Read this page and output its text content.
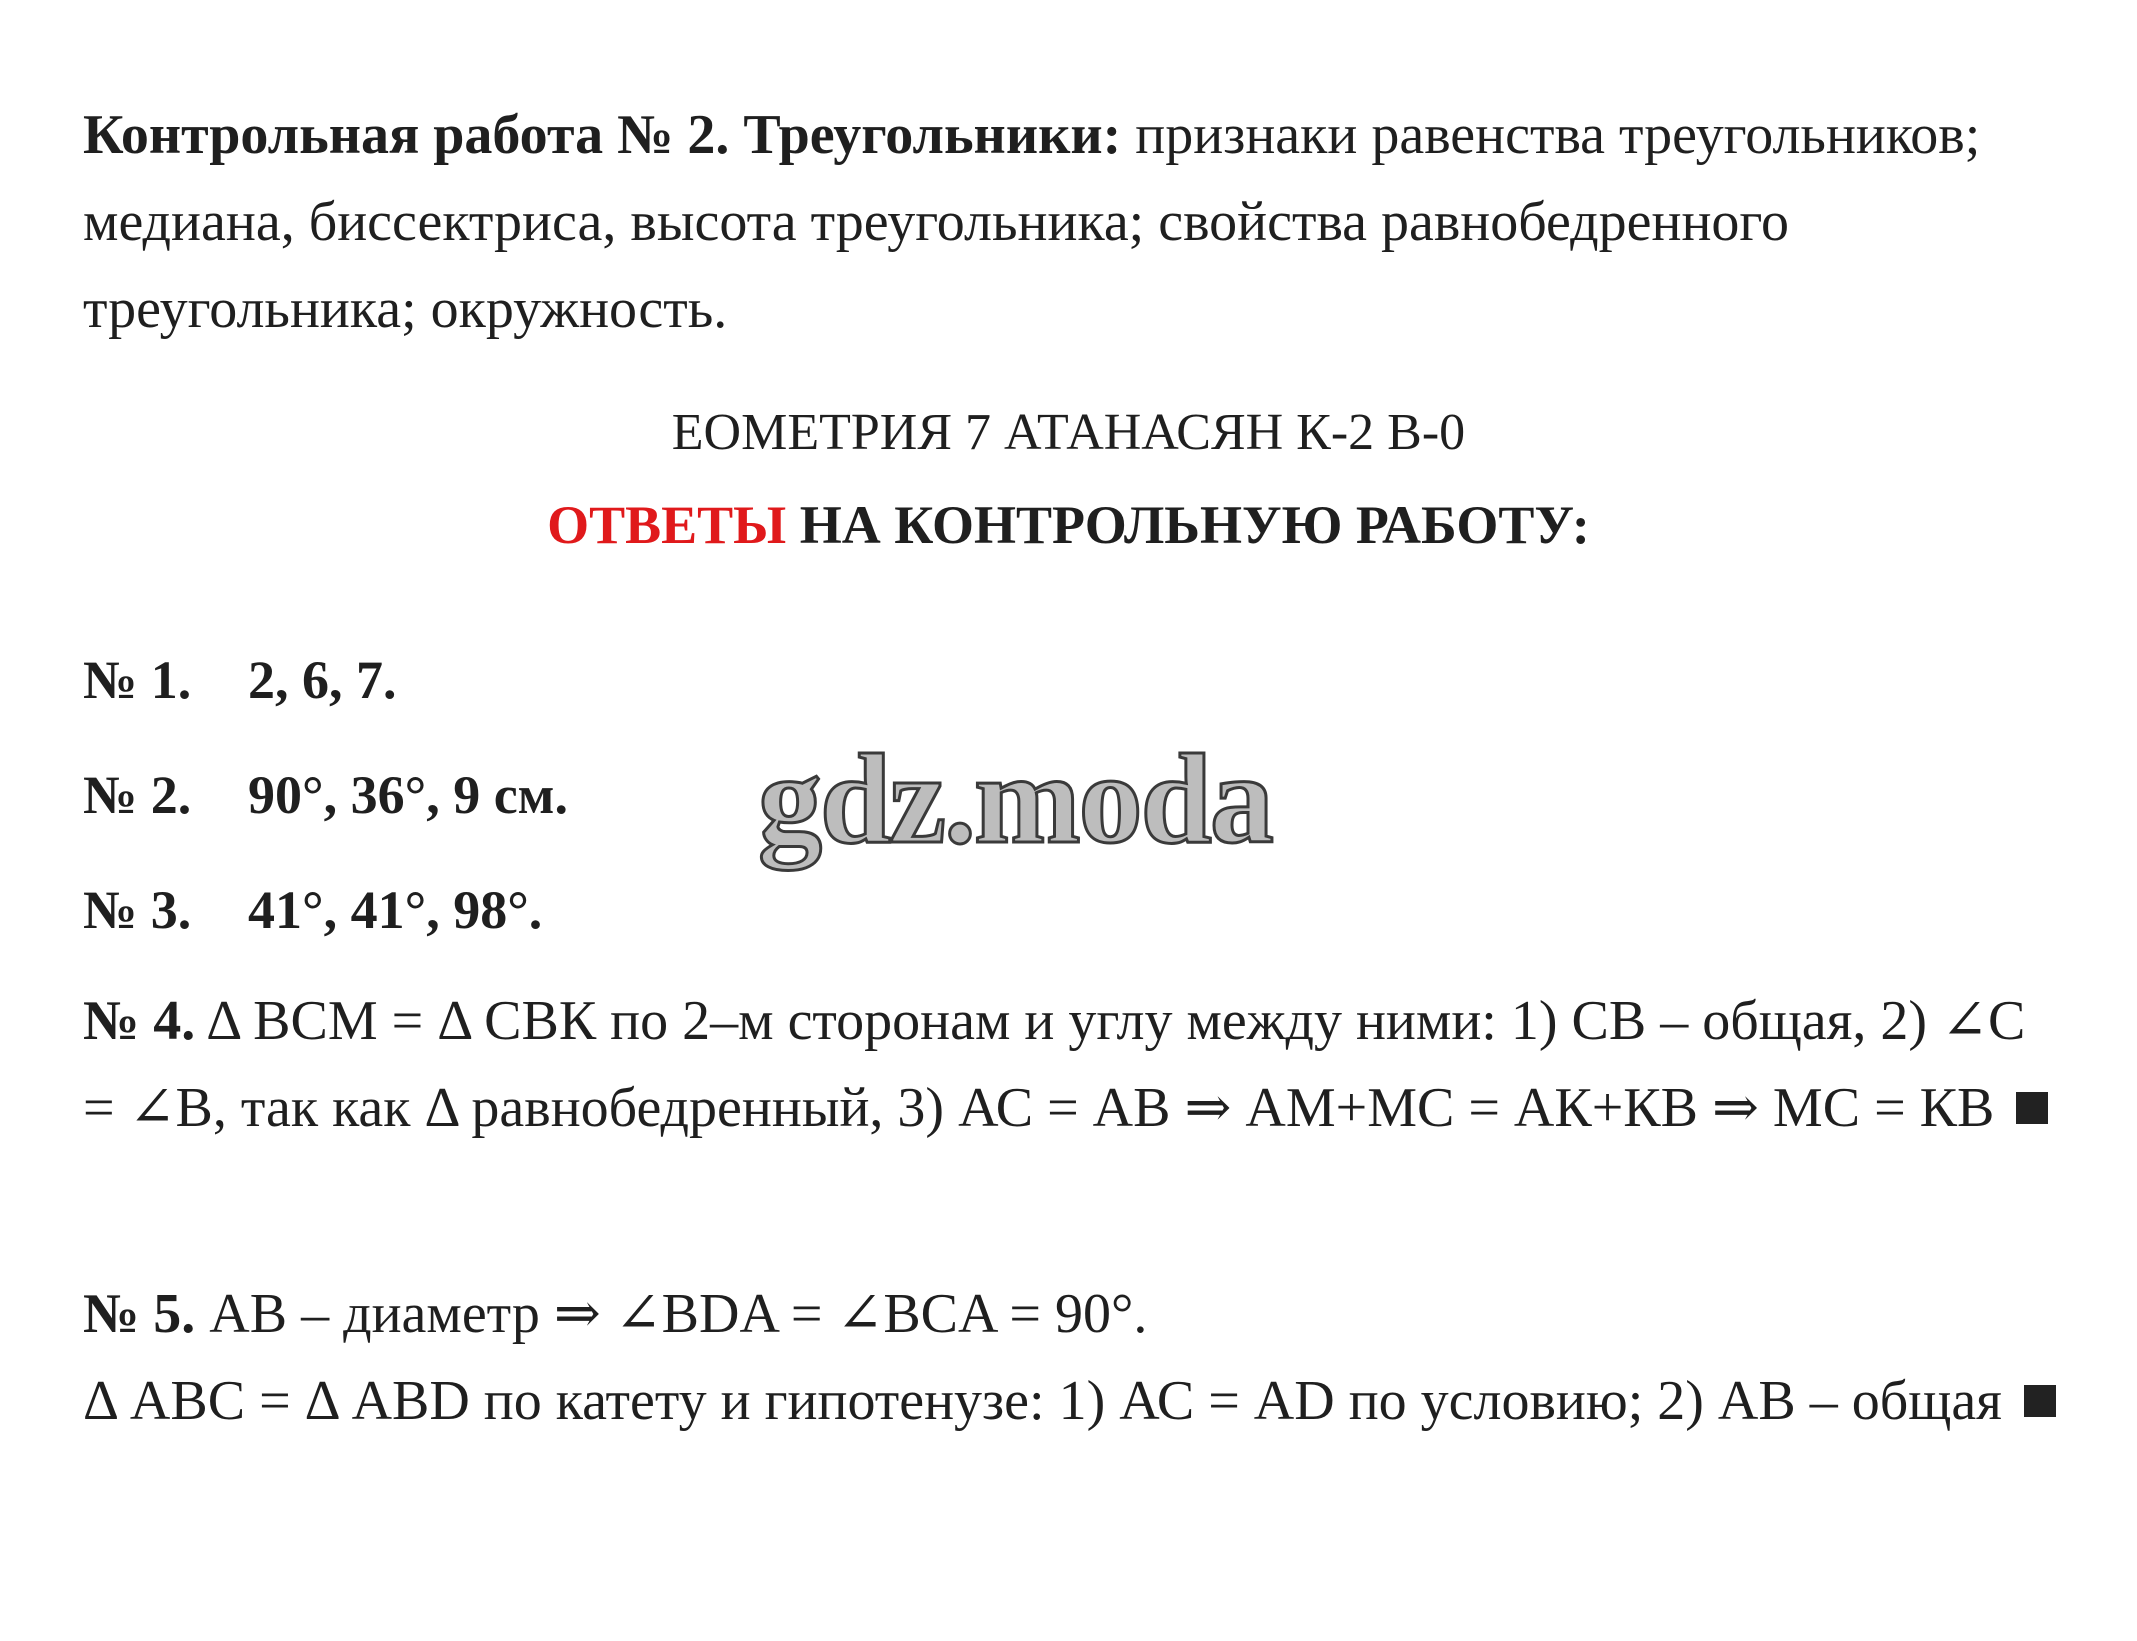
Контрольная работа № 2. Треугольники: признаки равенства треугольников; медиана, биссектриса, высота треугольника; свойства равнобедренного треугольника; окружность.
ЕОМЕТРИЯ 7 АТАНАСЯН К-2 В-0
ОТВЕТЫ НА КОНТРОЛЬНУЮ РАБОТУ:
№ 1. 2, 6, 7.
№ 2. 90°, 36°, 9 см.
№ 3. 41°, 41°, 98°.
№ 4. Δ ВСМ = Δ СВК по 2–м сторонам и углу между ними: 1) СВ – общая, 2) ∠С = ∠В, так как Δ равнобедренный, 3) АС = АВ ⇒ АМ+МС = АК+КВ ⇒ МС = КВ
№ 5. АВ – диаметр ⇒ ∠BDA = ∠BCA = 90°.
Δ ABC = Δ ABD по катету и гипотенузе: 1) АС = AD по условию; 2) АВ – общая
gdz.moda
